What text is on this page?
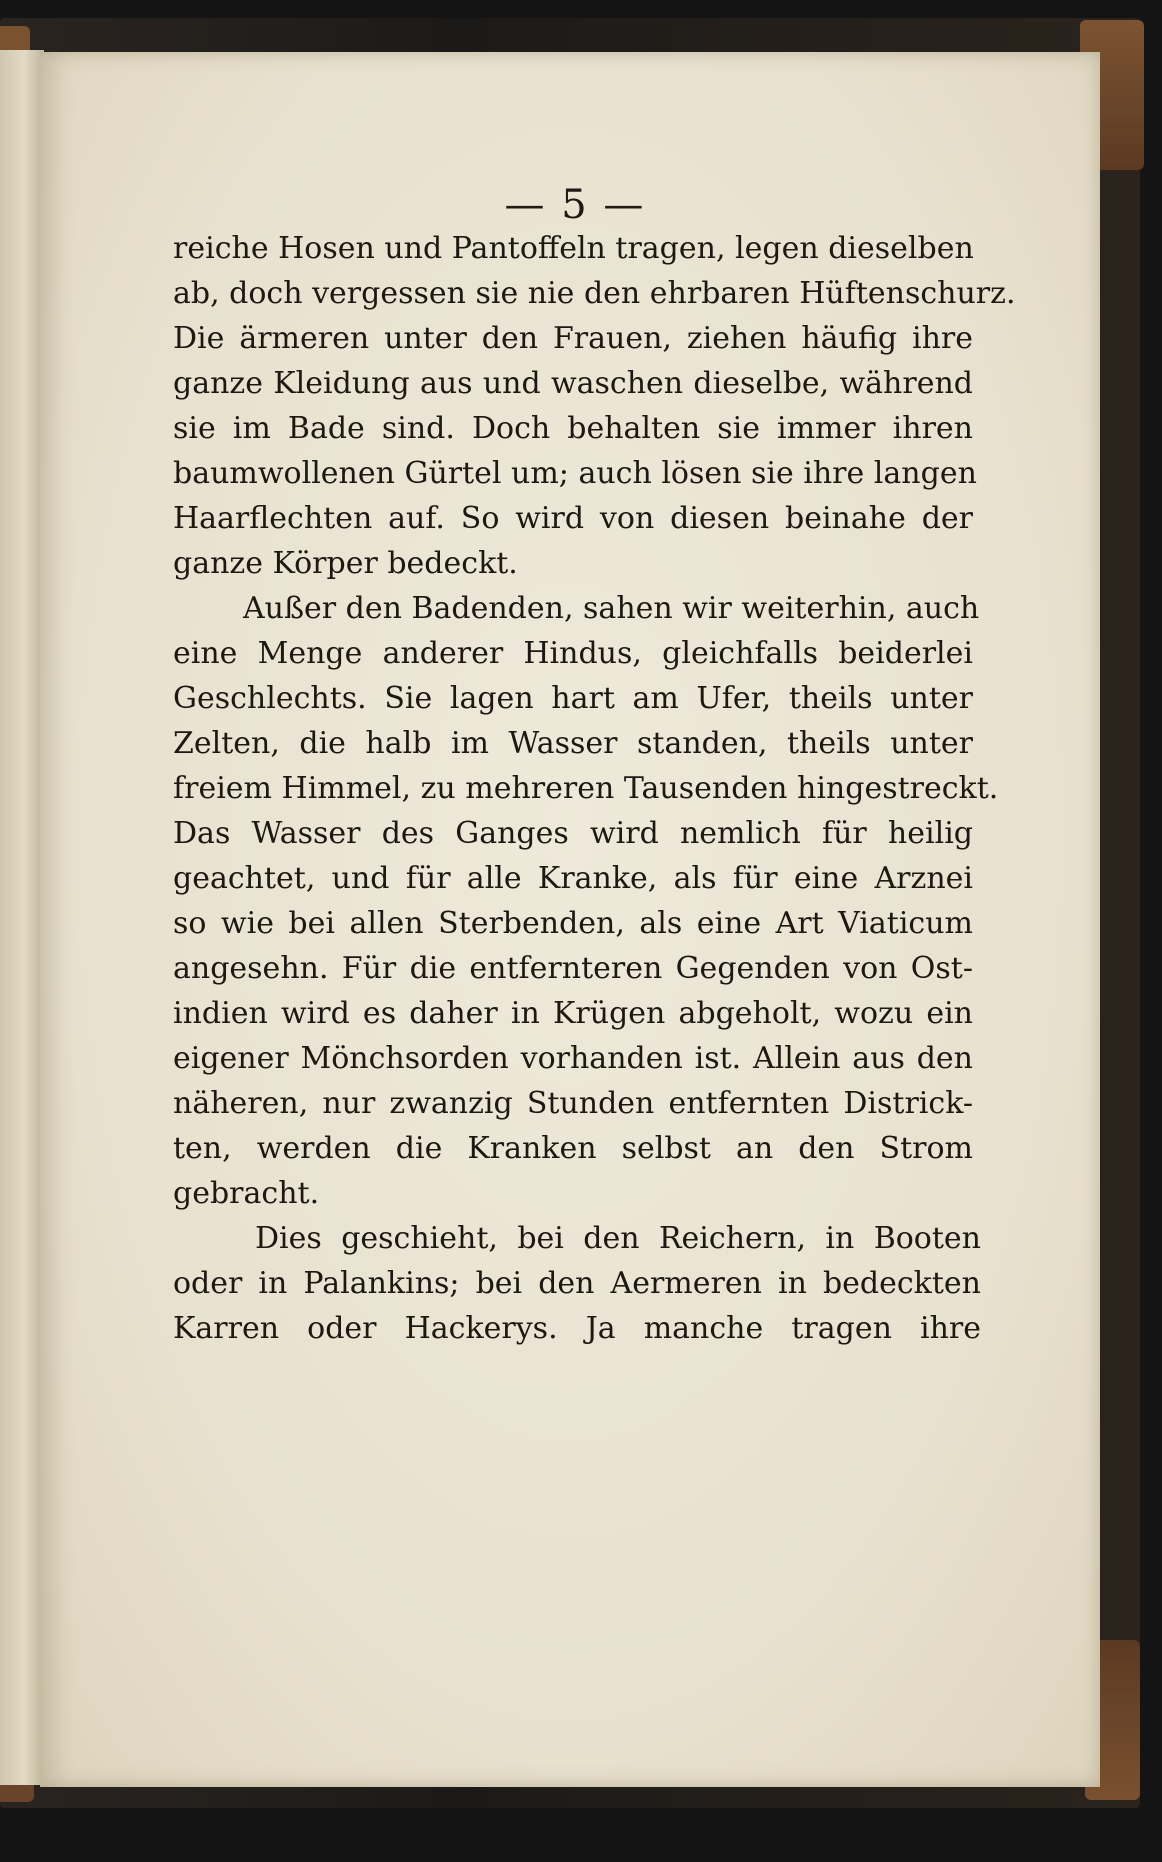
— 5 —
reiche Hosen und Pantoffeln tragen, legen dieselben
ab, doch vergessen sie nie den ehrbaren Hüftenschurz.
Die ärmeren unter den Frauen, ziehen häufig ihre
ganze Kleidung aus und waschen dieselbe, während
sie im Bade sind. Doch behalten sie immer ihren
baumwollenen Gürtel um; auch lösen sie ihre langen
Haarflechten auf. So wird von diesen beinahe der
ganze Körper bedeckt.
Außer den Badenden, sahen wir weiterhin, auch
eine Menge anderer Hindus, gleichfalls beiderlei
Geschlechts. Sie lagen hart am Ufer, theils unter
Zelten, die halb im Wasser standen, theils unter
freiem Himmel, zu mehreren Tausenden hingestreckt.
Das Wasser des Ganges wird nemlich für heilig
geachtet, und für alle Kranke, als für eine Arznei
so wie bei allen Sterbenden, als eine Art Viaticum
angesehn. Für die entfernteren Gegenden von Ost-
indien wird es daher in Krügen abgeholt, wozu ein
eigener Mönchsorden vorhanden ist. Allein aus den
näheren, nur zwanzig Stunden entfernten Districk-
ten, werden die Kranken selbst an den Strom
gebracht.
Dies geschieht, bei den Reichern, in Booten
oder in Palankins; bei den Aermeren in bedeckten
Karren oder Hackerys. Ja manche tragen ihre
